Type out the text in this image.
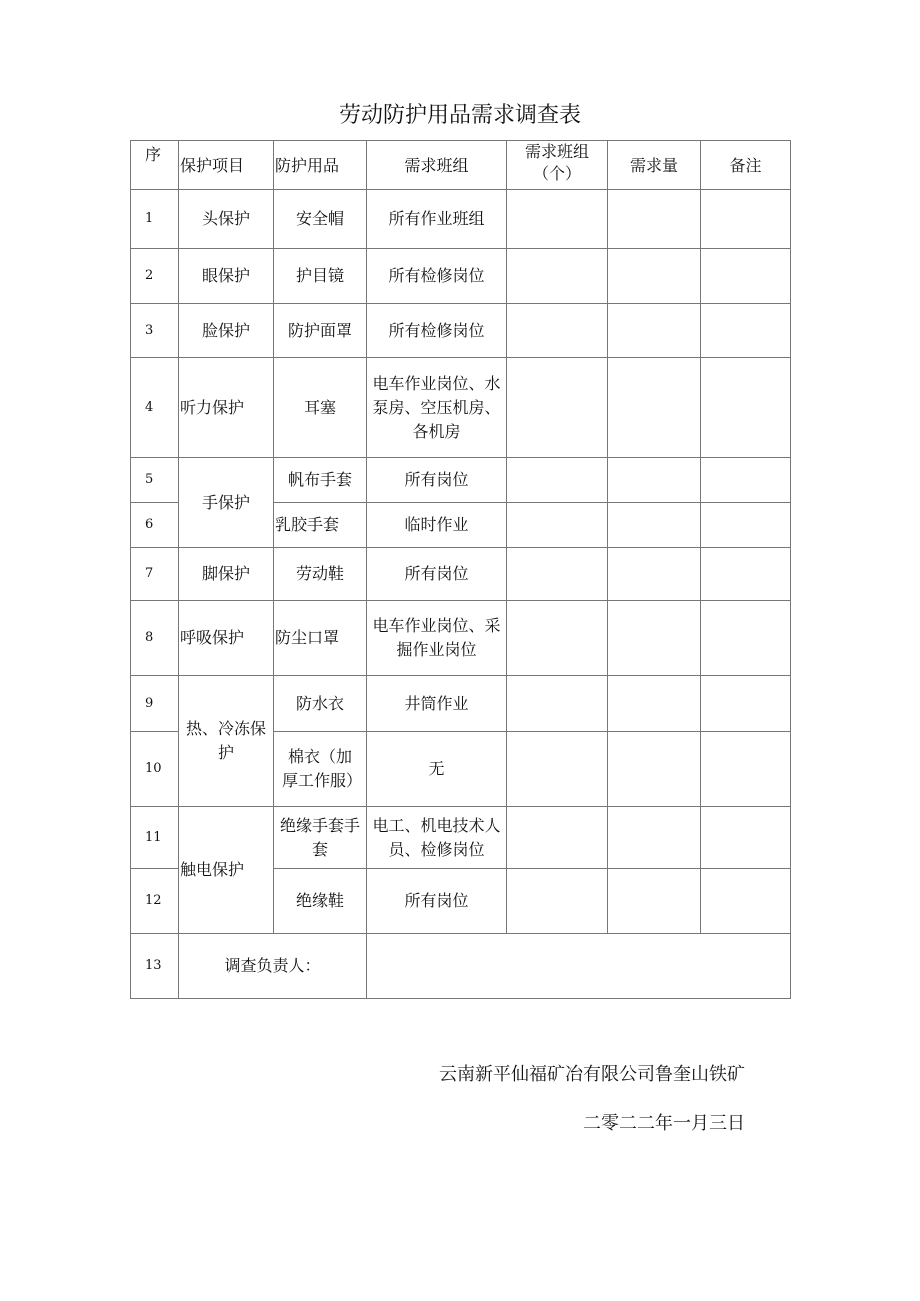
劳动防护用品需求调查表
序	保护项目	防护用品	需求班组	需求班组（个）	需求量	备注
1	头保护	安全帽	所有作业班组			
2	眼保护	护目镜	所有检修岗位			
3	脸保护	防护面罩	所有检修岗位			
4	听力保护	耳塞	电车作业岗位、水泵房、空压机房、各机房			
5	手保护	帆布手套	所有岗位			
6		乳胶手套	临时作业			
7	脚保护	劳动鞋	所有岗位			
8	呼吸保护	防尘口罩	电车作业岗位、采掘作业岗位			
9	热、冷冻保护	防水衣	井筒作业			
10		棉衣（加厚工作服）	无			
11	触电保护	绝缘手套手套	电工、机电技术人员、检修岗位			
12		绝缘鞋	所有岗位			
13	调查负责人：					
云南新平仙福矿冶有限公司鲁奎山铁矿
二零二二年一月三日
